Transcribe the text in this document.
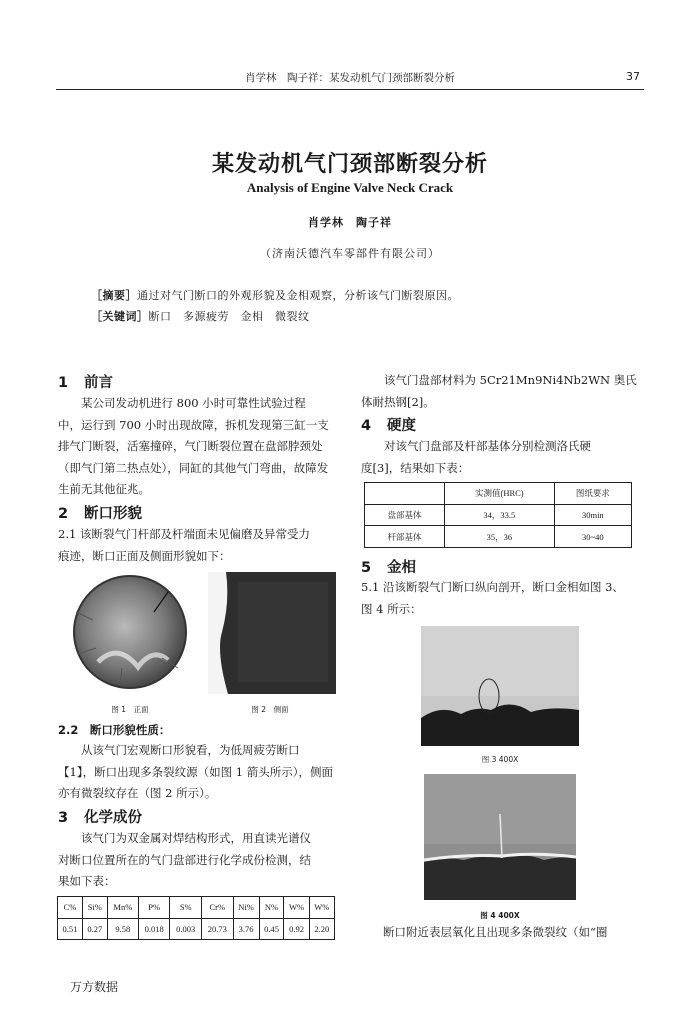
肖学林　陶子祥：某发动机气门颈部断裂分析	37
某发动机气门颈部断裂分析
Analysis of Engine Valve Neck Crack
肖学林　陶子祥
（济南沃德汽车零部件有限公司）
［摘要］通过对气门断口的外观形貌及金相观察，分析该气门断裂原因。
［关键词］断口　多源疲劳　金相　微裂纹
1 前言
某公司发动机进行 800 小时可靠性试验过程
中，运行到 700 小时出现故障，拆机发现第三缸一支
排气门断裂，活塞撞碎，气门断裂位置在盘部脖颈处
（即气门第二热点处），同缸的其他气门弯曲，故障发
生前无其他征兆。
2 断口形貌
2.1 该断裂气门杆部及杆端面未见偏磨及异常受力
痕迹，断口正面及侧面形貌如下：
图 1　正面	图 2　侧面
2.2　断口形貌性质：
从该气门宏观断口形貌看，为低周疲劳断口
【1】，断口出现多条裂纹源（如图 1 箭头所示），侧面
亦有微裂纹存在（图 2 所示）。
3 化学成份
该气门为双金属对焊结构形式，用直读光谱仪
对断口位置所在的气门盘部进行化学成份检测，结
果如下表：
C%	Si%	Mn%	P%	S%	Cr%	Ni%	N%	W%	W%
0.51	0.27	9.58	0.018	0.003	20.73	3.76	0.45	0.92	2.20
该气门盘部材料为 5Cr21Mn9Ni4Nb2WN 奥氏
体耐热钢[2]。
4 硬度
对该气门盘部及杆部基体分别检测洛氏硬
度[3]，结果如下表：
	实测值(HRC)	图纸要求
盘部基体	34，33.5	30min
杆部基体	35，36	30~40
5 金相
5.1 沿该断裂气门断口纵向剖开，断口金相如图 3、
图 4 所示：
图 3 400X
图 4 400X
断口附近表层氧化且出现多条微裂纹（如“圈
万方数据
